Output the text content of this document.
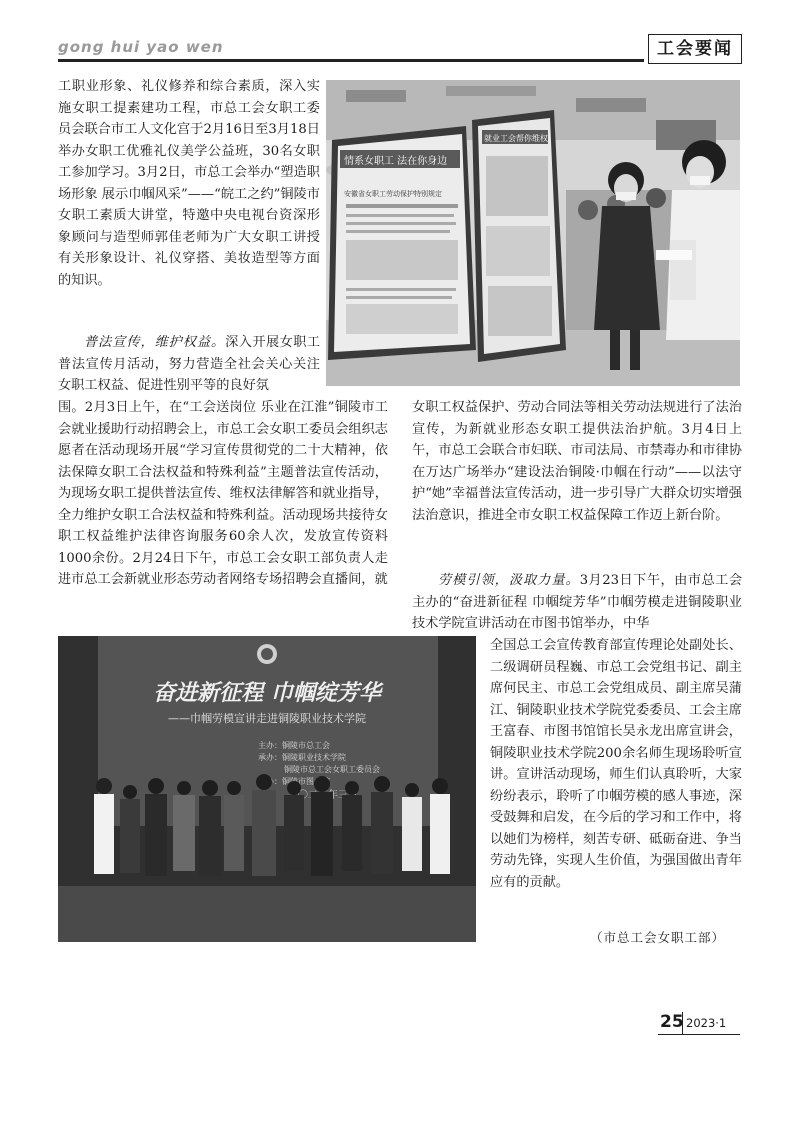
gong hui yao wen	工会要闻

工职业形象、礼仪修养和综合素质，深入实施女职工提素建功工程，市总工会女职工委员会联合市工人文化宫于2月16日至3月18日举办女职工优雅礼仪美学公益班，30名女职工参加学习。3月2日，市总工会举办“塑造职场形象 展示巾帼风采”——“皖工之约”铜陵市女职工素质大讲堂，特邀中央电视台资深形象顾问与造型师郭佳老师为广大女职工讲授有关形象设计、礼仪穿搭、美妆造型等方面的知识。

普法宣传，维护权益。深入开展女职工普法宣传月活动，努力营造全社会关心关注女职工权益、促进性别平等的良好氛

围。2月3日上午，在“工会送岗位 乐业在江淮”铜陵市工会就业援助行动招聘会上，市总工会女职工委员会组织志愿者在活动现场开展“学习宣传贯彻党的二十大精神，依法保障女职工合法权益和特殊利益”主题普法宣传活动，为现场女职工提供普法宣传、维权法律解答和就业指导，全力维护女职工合法权益和特殊利益。活动现场共接待女职工权益维护法律咨询服务60余人次，发放宣传资料1000余份。2月24日下午，市总工会女职工部负责人走进市总工会新就业形态劳动者网络专场招聘会直播间，就

女职工权益保护、劳动合同法等相关劳动法规进行了法治宣传，为新就业形态女职工提供法治护航。3月4日上午，市总工会联合市妇联、市司法局、市禁毒办和市律协在万达广场举办“建设法治铜陵·巾帼在行动”——以法守护“她”幸福普法宣传活动，进一步引导广大群众切实增强法治意识，推进全市女职工权益保障工作迈上新台阶。

劳模引领，汲取力量。3月23日下午，由市总工会主办的“奋进新征程 巾帼绽芳华”巾帼劳模走进铜陵职业技术学院宣讲活动在市图书馆举办，中华

全国总工会宣传教育部宣传理论处副处长、二级调研员程巍、市总工会党组书记、副主席何民主、市总工会党组成员、副主席吴蒲江、铜陵职业技术学院党委委员、工会主席王富春、市图书馆馆长吴永龙出席宣讲会，铜陵职业技术学院200余名师生现场聆听宣讲。宣讲活动现场，师生们认真聆听，大家纷纷表示，聆听了巾帼劳模的感人事迹，深受鼓舞和启发，在今后的学习和工作中，将以她们为榜样，刻苦专研、砥砺奋进、争当劳动先锋，实现人生价值，为强国做出青年应有的贡献。

（市总工会女职工部）
情系女职工 法在你身边
安徽省女职工劳动保护特别规定
就业工会帮你维权
奋进新征程 巾帼绽芳华
——巾帼劳模宣讲走进铜陵职业技术学院
主办：铜陵市总工会
承办：铜陵职业技术学院
铜陵市总工会女职工委员会
25 2023·1
